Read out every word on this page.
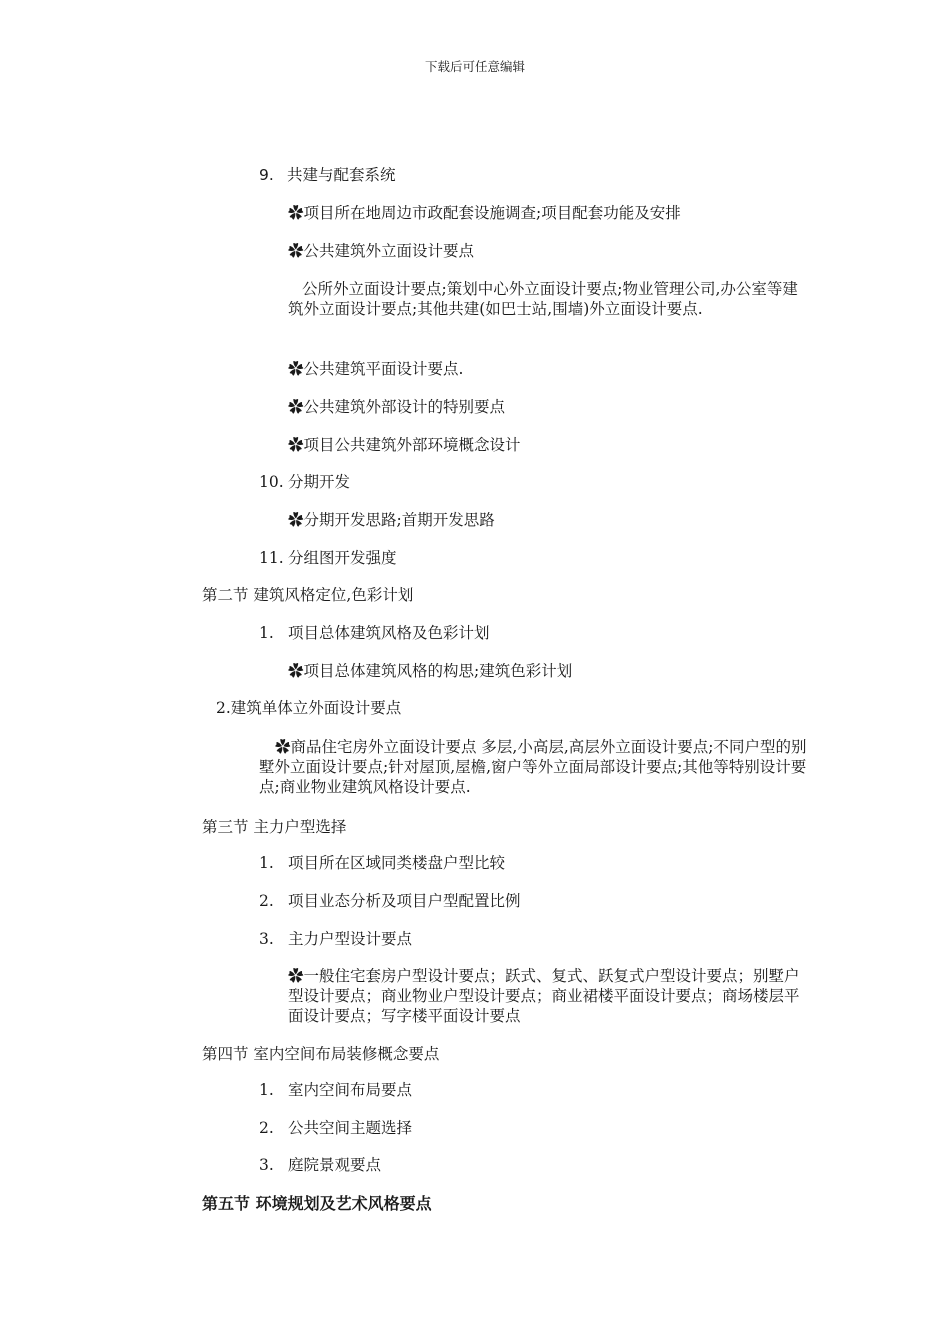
下载后可任意编辑
9. 共建与配套系统
✿项目所在地周边市政配套设施调查;项目配套功能及安排
✿公共建筑外立面设计要点
公所外立面设计要点;策划中心外立面设计要点;物业管理公司,办公室等建筑外立面设计要点;其他共建(如巴士站,围墙)外立面设计要点.
✿公共建筑平面设计要点.
✿公共建筑外部设计的特别要点
✿项目公共建筑外部环境概念设计
10. 分期开发
✿分期开发思路;首期开发思路
11. 分组图开发强度
第二节 建筑风格定位,色彩计划
1. 项目总体建筑风格及色彩计划
✿项目总体建筑风格的构思;建筑色彩计划
2.建筑单体立外面设计要点
✿商品住宅房外立面设计要点 多层,小高层,高层外立面设计要点;不同户型的别墅外立面设计要点;针对屋顶,屋檐,窗户等外立面局部设计要点;其他等特别设计要点;商业物业建筑风格设计要点.
第三节 主力户型选择
1. 项目所在区域同类楼盘户型比较
2. 项目业态分析及项目户型配置比例
3. 主力户型设计要点
✿一般住宅套房户型设计要点；跃式、复式、跃复式户型设计要点；别墅户型设计要点；商业物业户型设计要点；商业裙楼平面设计要点；商场楼层平面设计要点；写字楼平面设计要点
第四节 室内空间布局装修概念要点
1. 室内空间布局要点
2. 公共空间主题选择
3. 庭院景观要点
第五节 环境规划及艺术风格要点
